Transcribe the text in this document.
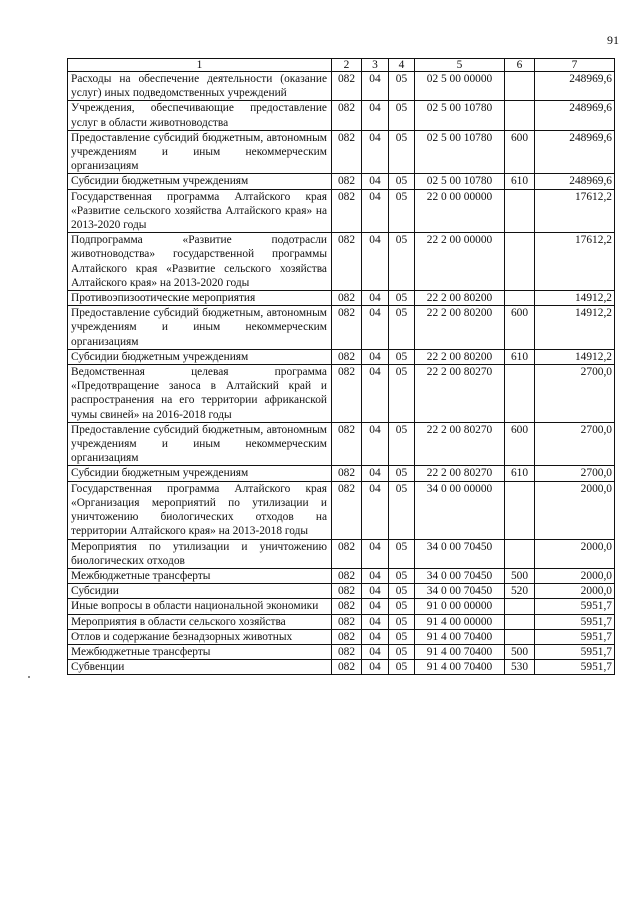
91
1	2	3	4	5	6	7
Расходы на обеспечение деятельности (оказание услуг) иных подведомственных учреждений	082	04	05	02 5 00 00000		248969,6
Учреждения, обеспечивающие предоставление услуг в области животноводства	082	04	05	02 5 00 10780		248969,6
Предоставление субсидий бюджетным, автономным учреждениям и иным некоммерческим организациям	082	04	05	02 5 00 10780	600	248969,6
Субсидии бюджетным учреждениям	082	04	05	02 5 00 10780	610	248969,6
Государственная программа Алтайского края «Развитие сельского хозяйства Алтайского края» на 2013-2020 годы	082	04	05	22 0 00 00000		17612,2
Подпрограмма «Развитие подотрасли животноводства» государственной программы Алтайского края «Развитие сельского хозяйства Алтайского края» на 2013-2020 годы	082	04	05	22 2 00 00000		17612,2
Противоэпизоотические мероприятия	082	04	05	22 2 00 80200		14912,2
Предоставление субсидий бюджетным, автономным учреждениям и иным некоммерческим организациям	082	04	05	22 2 00 80200	600	14912,2
Субсидии бюджетным учреждениям	082	04	05	22 2 00 80200	610	14912,2
Ведомственная целевая программа «Предотвращение заноса в Алтайский край и распространения на его территории африканской чумы свиней» на 2016-2018 годы	082	04	05	22 2 00 80270		2700,0
Предоставление субсидий бюджетным, автономным учреждениям и иным некоммерческим организациям	082	04	05	22 2 00 80270	600	2700,0
Субсидии бюджетным учреждениям	082	04	05	22 2 00 80270	610	2700,0
Государственная программа Алтайского края «Организация мероприятий по утилизации и уничтожению биологических отходов на территории Алтайского края» на 2013-2018 годы	082	04	05	34 0 00 00000		2000,0
Мероприятия по утилизации и уничтожению биологических отходов	082	04	05	34 0 00 70450		2000,0
Межбюджетные трансферты	082	04	05	34 0 00 70450	500	2000,0
Субсидии	082	04	05	34 0 00 70450	520	2000,0
Иные вопросы в области национальной экономики	082	04	05	91 0 00 00000		5951,7
Мероприятия в области сельского хозяйства	082	04	05	91 4 00 00000		5951,7
Отлов и содержание безнадзорных животных	082	04	05	91 4 00 70400		5951,7
Межбюджетные трансферты	082	04	05	91 4 00 70400	500	5951,7
Субвенции	082	04	05	91 4 00 70400	530	5951,7
